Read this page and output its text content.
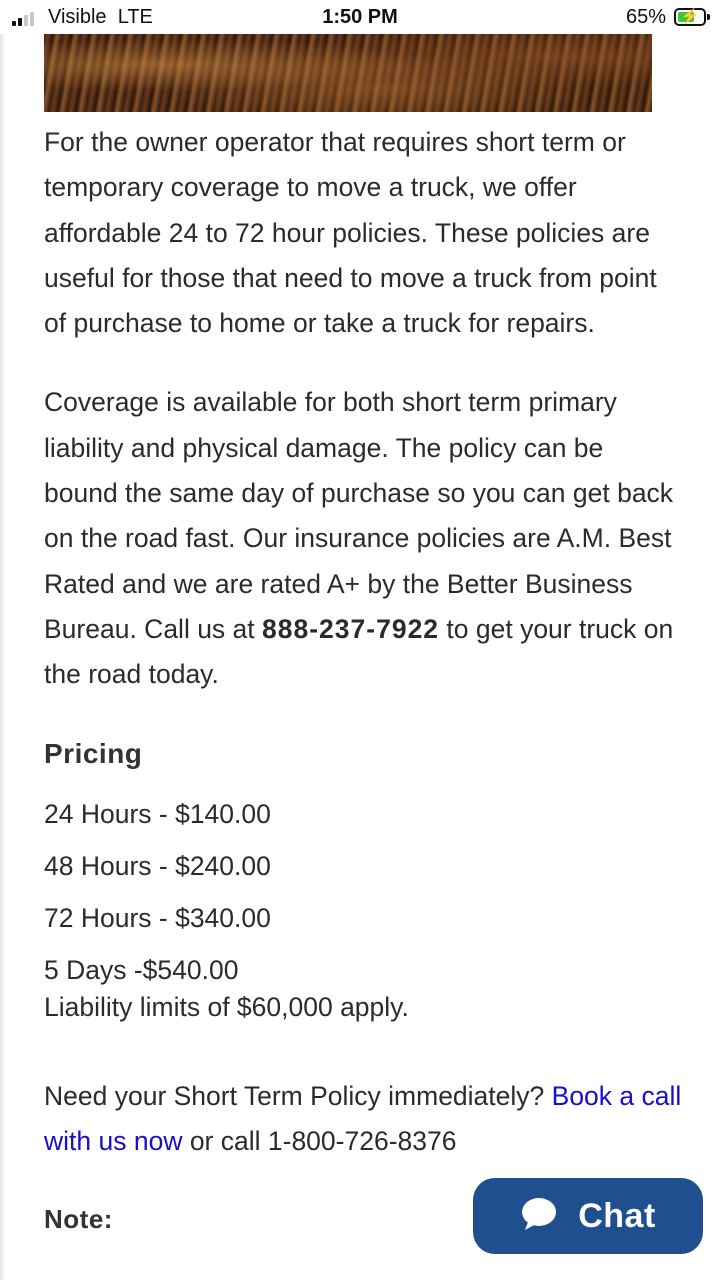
Visible LTE	1:50 PM	65% ⚡

For the owner operator that requires short term or temporary coverage to move a truck, we offer affordable 24 to 72 hour policies. These policies are useful for those that need to move a truck from point of purchase to home or take a truck for repairs.

Coverage is available for both short term primary liability and physical damage. The policy can be bound the same day of purchase so you can get back on the road fast. Our insurance policies are A.M. Best Rated and we are rated A+ by the Better Business Bureau. Call us at 888-237-7922 to get your truck on the road today.

Pricing
24 Hours - $140.00
48 Hours - $240.00
72 Hours - $340.00
5 Days -$540.00
Liability limits of $60,000 apply.
Need your Short Term Policy immediately? Book a call with us now or call 1-800-726-8376
Note:	Chat
